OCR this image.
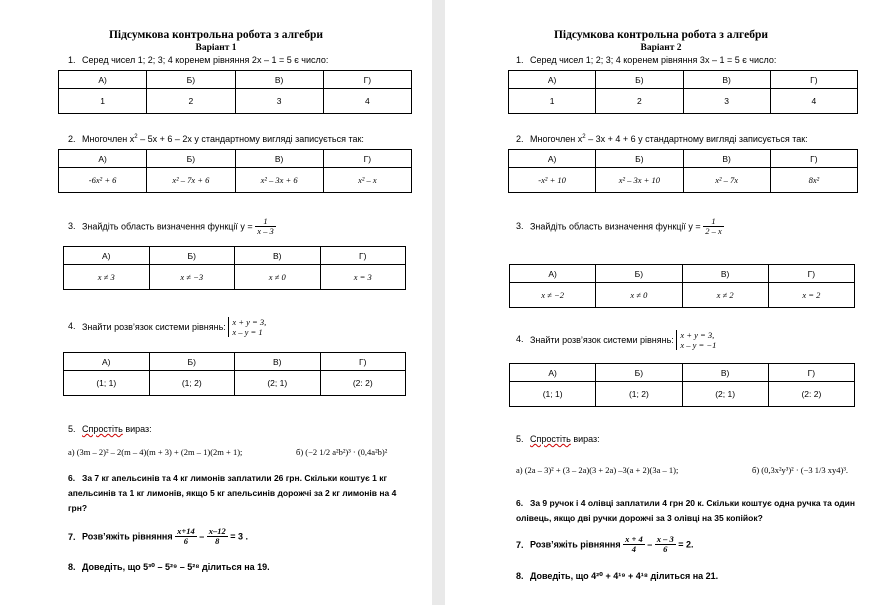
Підсумкова контрольна робота з алгебри
Варіант 1
1. Серед чисел 1; 2; 3; 4 коренем рівняння 2x – 1 = 5 є число:
А)	Б)	В)	Г)
1	2	3	4
2. Многочлен $x^2 - 5x + 6 - 2x$ у стандартному вигляді записується так:
А)	Б)	В)	Г)
-6x² + 6	x² – 7x + 6	x² – 3x + 6	x² – x
3. Знайдіть область визначення функції $y = \frac{1}{x - 3}$
А)	Б)	В)	Г)
x ≠ 3	x ≠ −3	x ≠ 0	x = 3
4. Знайти розв’язок системи рівнянь: x + y = 3,
x – y = 1
А)	Б)	В)	Г)
(1; 1)	(1; 2)	(2; 1)	(2: 2)
5. Спростіть вираз:
а) (3m – 2)² – 2(m – 4)(m + 3) + (2m – 1)(2m + 1);	б) (−2 1/2 a²b²)³ · (0,4a²b)²
6. За 7 кг апельсинів та 4 кг лимонів заплатили 26 грн. Скільки коштує 1 кг апельсинів та 1 кг лимонів, якщо 5 кг апельсинів дорожчі за 2 кг лимонів на 4 грн?
7. Розв’яжіть рівняння $\frac{x+14}{6} - \frac{x-12}{8} = 3$ .
8. Доведіть, що 5³⁰ – 5²⁹ – 5²⁸ ділиться на 19.
Підсумкова контрольна робота з алгебри
Варіант 2
1. Серед чисел 1; 2; 3; 4 коренем рівняння 3x – 1 = 5 є число:
А)	Б)	В)	Г)
1	2	3	4
2. Многочлен $x^2 - 3x + 4 + 6$ у стандартному вигляді записується так:
А)	Б)	В)	Г)
-x² + 10	x² – 3x + 10	x² – 7x	8x²
3. Знайдіть область визначення функції $y = \frac{1}{2 - x}$
А)	Б)	В)	Г)
x ≠ −2	x ≠ 0	x ≠ 2	x = 2
4. Знайти розв’язок системи рівнянь: x + y = 3,
x – y = −1
А)	Б)	В)	Г)
(1; 1)	(1; 2)	(2; 1)	(2: 2)
5. Спростіть вираз:
а) (2a – 3)² + (3 – 2a)(3 + 2a) –3(a + 2)(3a – 1);	б) (0,3x²y³)² · (−3 1/3 xy4)³.
6. За 9 ручок і 4 олівці заплатили 4 грн 20 к. Скільки коштує одна ручка та один олівець, якщо дві ручки дорожчі за 3 олівці на 35 копійок?
7. Розв’яжіть рівняння $\frac{x + 4}{4} - \frac{x - 3}{6} = 2$.
8. Доведіть, що 4²⁰ + 4¹⁹ + 4¹⁸ ділиться на 21.
